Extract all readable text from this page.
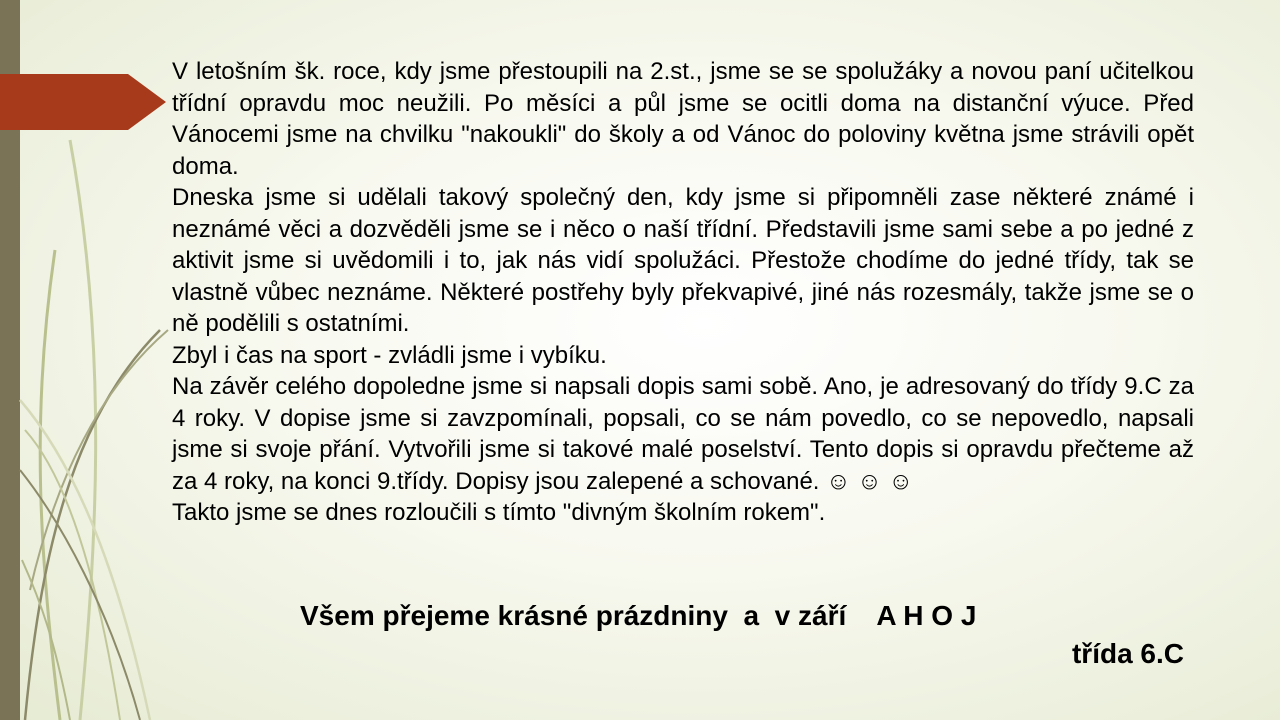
V letošním šk. roce, kdy jsme přestoupili na 2.st., jsme se se spolužáky a novou paní učitelkou třídní opravdu moc neužili. Po měsíci a půl jsme se ocitli doma na distanční výuce. Před Vánocemi jsme na chvilku "nakoukli" do školy a od Vánoc do poloviny května jsme strávili opět doma.

Dneska jsme si udělali takový společný den, kdy jsme si připomněli zase některé známé i neznámé věci a dozvěděli jsme se i něco o naší třídní. Představili jsme sami sebe a po jedné z aktivit jsme si uvědomili i to, jak nás vidí spolužáci. Přestože chodíme do jedné třídy, tak se vlastně vůbec neznáme. Některé postřehy byly překvapivé, jiné nás rozesmály, takže jsme se o ně podělili s ostatními.

Zbyl i čas na sport - zvládli jsme i vybíku.

Na závěr celého dopoledne jsme si napsali dopis sami sobě. Ano, je adresovaný do třídy 9.C za 4 roky. V dopise jsme si zavzpomínali, popsali, co se nám povedlo, co se nepovedlo, napsali jsme si svoje přání. Vytvořili jsme si takové malé poselství. Tento dopis si opravdu přečteme až za 4 roky, na konci 9.třídy. Dopisy jsou zalepené a schované. ☺ ☺ ☺

Takto jsme se dnes rozloučili s tímto "divným školním rokem".

Všem přejeme krásné prázdniny  a  v září    A H O J
třída 6.C
